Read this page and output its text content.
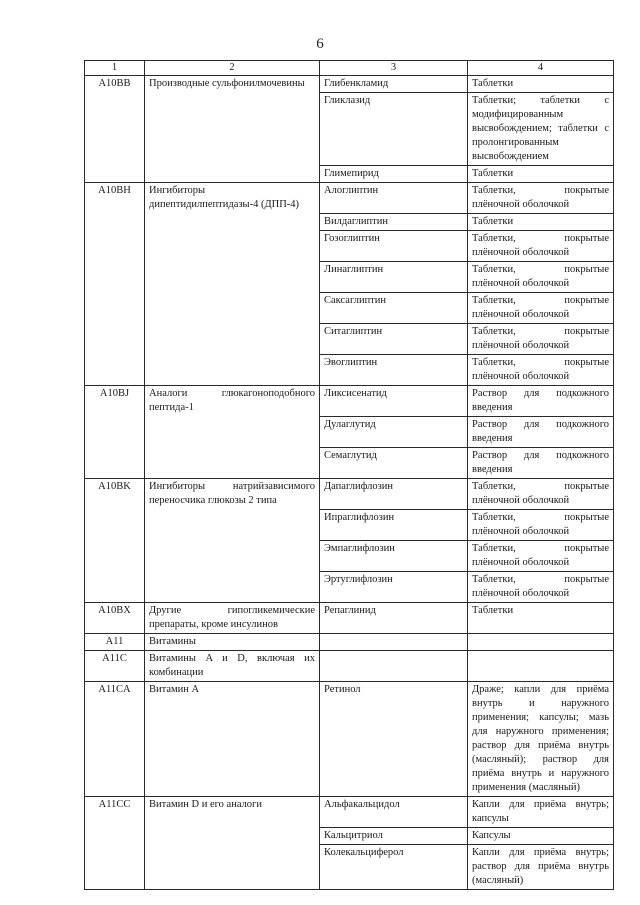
6
1	2	3	4
A10BB	Производные сульфонилмочевины	Глибенкламид	Таблетки
		Гликлазид	Таблетки; таблетки с модифицированным высвобождением; таблетки с пролонгированным высвобождением
		Глимепирид	Таблетки
A10BH	Ингибиторы дипептидилпептидазы-4 (ДПП-4)	Алоглиптин	Таблетки, покрытые плёночной оболочкой
		Вилдаглиптин	Таблетки
		Гозоглиптин	Таблетки, покрытые плёночной оболочкой
		Линаглиптин	Таблетки, покрытые плёночной оболочкой
		Саксаглиптин	Таблетки, покрытые плёночной оболочкой
		Ситаглиптин	Таблетки, покрытые плёночной оболочкой
		Эвоглиптин	Таблетки, покрытые плёночной оболочкой
A10BJ	Аналоги глюкагоноподобного пептида-1	Ликсисенатид	Раствор для подкожного введения
		Дулаглутид	Раствор для подкожного введения
		Семаглутид	Раствор для подкожного введения
A10BK	Ингибиторы натрийзависимого переносчика глюкозы 2 типа	Дапаглифлозин	Таблетки, покрытые плёночной оболочкой
		Ипраглифлозин	Таблетки, покрытые плёночной оболочкой
		Эмпаглифлозин	Таблетки, покрытые плёночной оболочкой
		Эртуглифлозин	Таблетки, покрытые плёночной оболочкой
A10BX	Другие гипогликемические препараты, кроме инсулинов	Репаглинид	Таблетки
A11	Витамины		
A11C	Витамины A и D, включая их комбинации		
A11CA	Витамин A	Ретинол	Драже; капли для приёма внутрь и наружного применения; капсулы; мазь для наружного применения; раствор для приёма внутрь (масляный); раствор для приёма внутрь и наружного применения (масляный)
A11CC	Витамин D и его аналоги	Альфакальцидол	Капли для приёма внутрь; капсулы
		Кальцитриол	Капсулы
		Колекальциферол	Капли для приёма внутрь; раствор для приёма внутрь (масляный)
